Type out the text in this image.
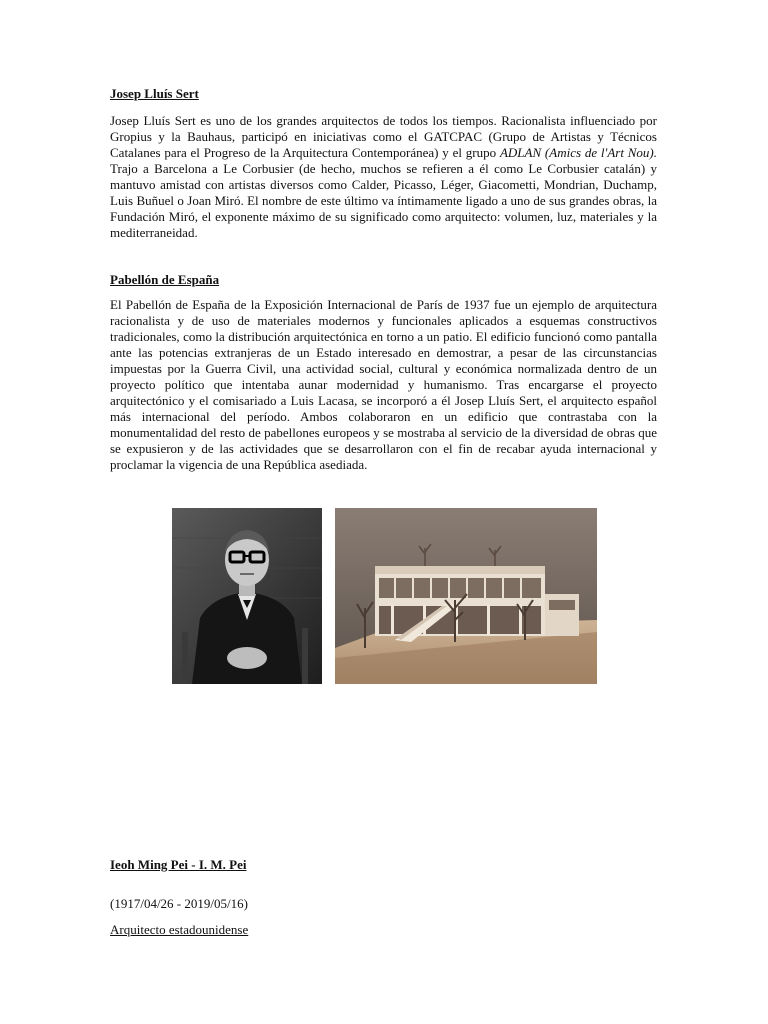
Josep Lluís Sert

Josep Lluís Sert es uno de los grandes arquitectos de todos los tiempos. Racionalista influenciado por Gropius y la Bauhaus, participó en iniciativas como el GATCPAC (Grupo de Artistas y Técnicos Catalanes para el Progreso de la Arquitectura Contemporánea) y el grupo ADLAN (Amics de l'Art Nou). Trajo a Barcelona a Le Corbusier (de hecho, muchos se refieren a él como Le Corbusier catalán) y mantuvo amistad con artistas diversos como Calder, Picasso, Léger, Giacometti, Mondrian, Duchamp, Luis Buñuel o Joan Miró. El nombre de este último va íntimamente ligado a uno de sus grandes obras, la Fundación Miró, el exponente máximo de su significado como arquitecto: volumen, luz, materiales y la mediterraneidad.

Pabellón de España

El Pabellón de España de la Exposición Internacional de París de 1937 fue un ejemplo de arquitectura racionalista y de uso de materiales modernos y funcionales aplicados a esquemas constructivos tradicionales, como la distribución arquitectónica en torno a un patio. El edificio funcionó como pantalla ante las potencias extranjeras de un Estado interesado en demostrar, a pesar de las circunstancias impuestas por la Guerra Civil, una actividad social, cultural y económica normalizada dentro de un proyecto político que intentaba aunar modernidad y humanismo. Tras encargarse el proyecto arquitectónico y el comisariado a Luis Lacasa, se incorporó a él Josep Lluís Sert, el arquitecto español más internacional del período. Ambos colaboraron en un edificio que contrastaba con la monumentalidad del resto de pabellones europeos y se mostraba al servicio de la diversidad de obras que se expusieron y de las actividades que se desarrollaron con el fin de recabar ayuda internacional y proclamar la vigencia de una República asediada.

Ieoh Ming Pei - I. M. Pei

(1917/04/26 - 2019/05/16)

Arquitecto estadounidense
